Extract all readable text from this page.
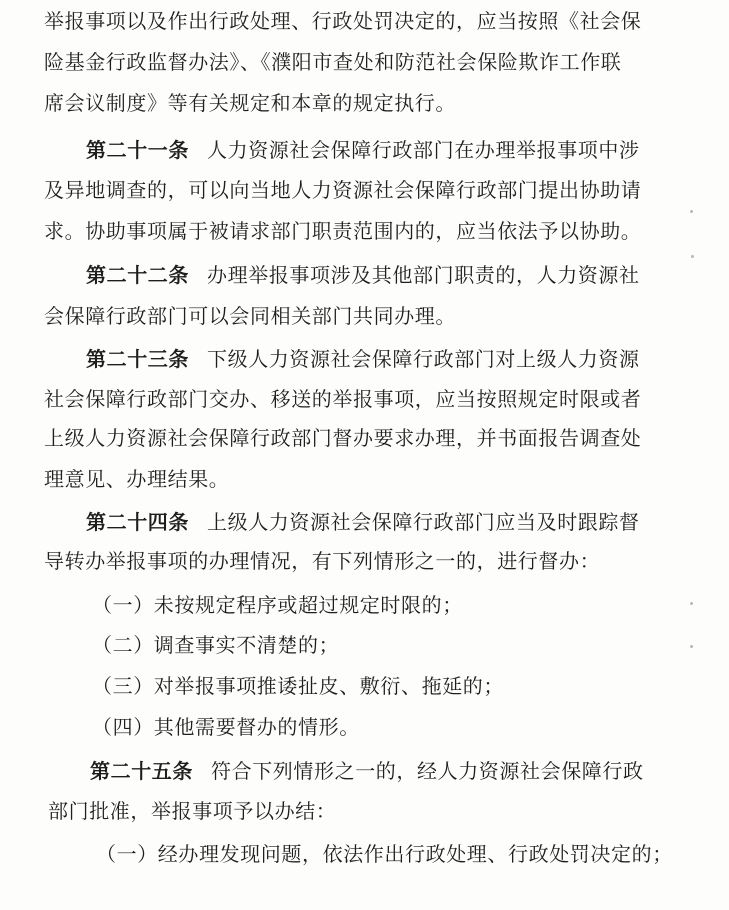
举报事项以及作出行政处理、行政处罚决定的，应当按照《社会保
险基金行政监督办法》、《濮阳市查处和防范社会保险欺诈工作联
席会议制度》等有关规定和本章的规定执行。
第二十一条 人力资源社会保障行政部门在办理举报事项中涉
及异地调查的，可以向当地人力资源社会保障行政部门提出协助请
求。协助事项属于被请求部门职责范围内的，应当依法予以协助。
第二十二条 办理举报事项涉及其他部门职责的，人力资源社
会保障行政部门可以会同相关部门共同办理。
第二十三条 下级人力资源社会保障行政部门对上级人力资源
社会保障行政部门交办、移送的举报事项，应当按照规定时限或者
上级人力资源社会保障行政部门督办要求办理，并书面报告调查处
理意见、办理结果。
第二十四条 上级人力资源社会保障行政部门应当及时跟踪督
导转办举报事项的办理情况，有下列情形之一的，进行督办：
（一）未按规定程序或超过规定时限的；
（二）调查事实不清楚的；
（三）对举报事项推诿扯皮、敷衍、拖延的；
（四）其他需要督办的情形。
第二十五条 符合下列情形之一的，经人力资源社会保障行政
部门批准，举报事项予以办结：
（一）经办理发现问题，依法作出行政处理、行政处罚决定的；
